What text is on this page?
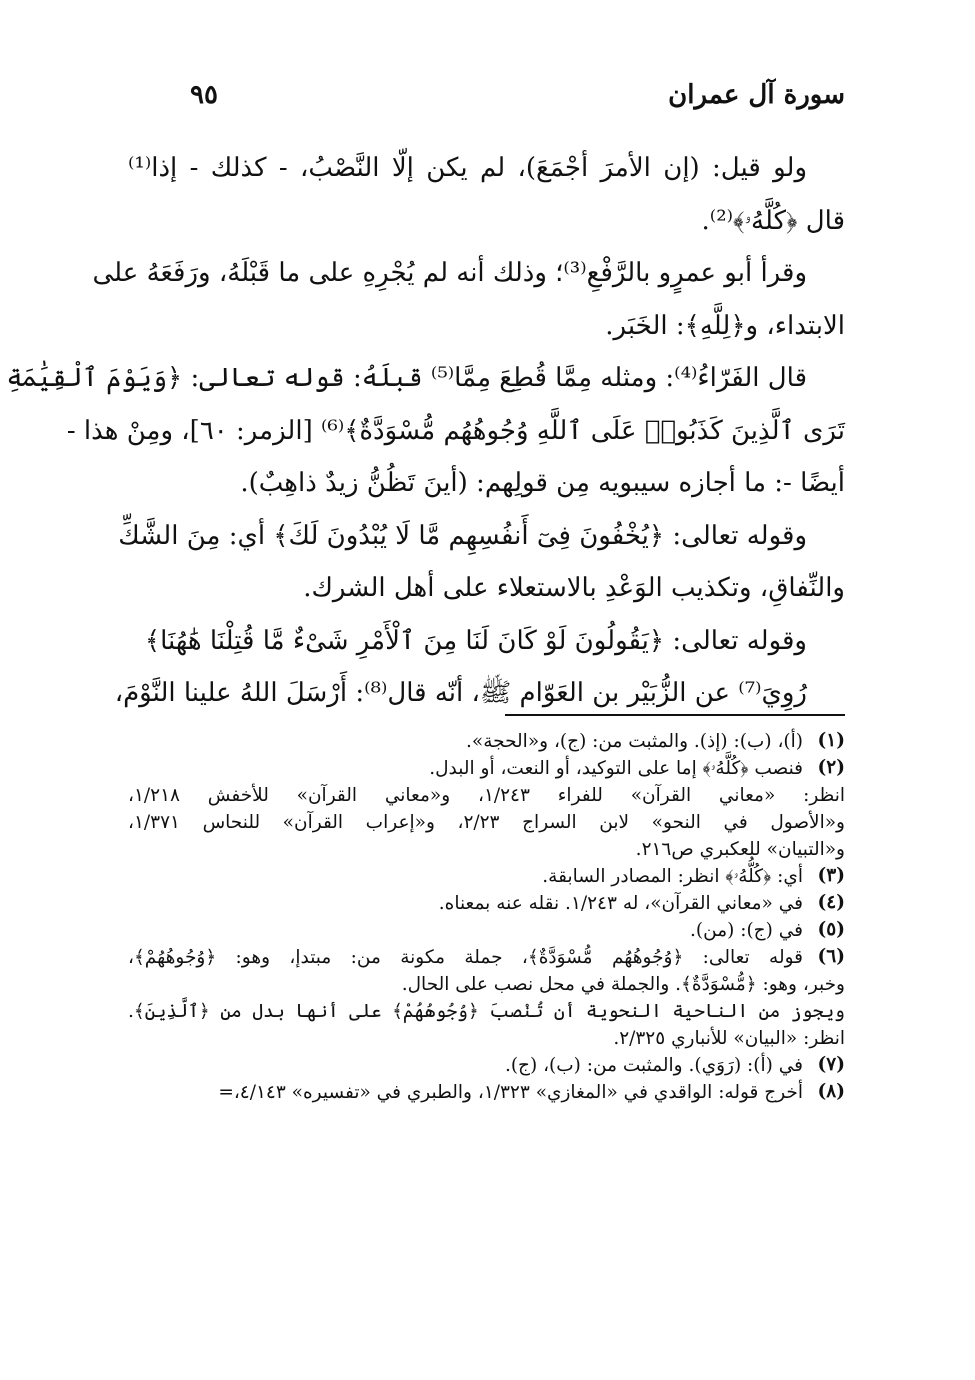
سورة آل عمران
٩٥
ولو قيل: (إن الأمرَ أجْمَعَ)، لم يكن إلّا النَّصْبُ، - كذلك - إذا⁽¹⁾
قال ﴿كُلَّهُۥ﴾⁽²⁾.
وقرأ أبو عمرٍو بالرَّفْعِ⁽³⁾؛ وذلك أنه لم يُجْرِهِ على ما قَبْلَهُ، ورَفَعَهُ على
الابتداء، و﴿لِلَّهِ﴾: الخَبَر.
قال الفَرّاءُ⁽⁴⁾: ومثله مِمَّا قُطِعَ مِمَّا⁽⁵⁾ قبلَهُ: قوله تعالى: ﴿وَيَوْمَ ٱلْقِيَٰمَةِ
تَرَى ٱلَّذِينَ كَذَبُوا۟ عَلَى ٱللَّهِ وُجُوهُهُم مُّسْوَدَّةٌ﴾⁽⁶⁾ [الزمر: ٦٠]، ومِنْ هذا -
أيضًا -: ما أجازه سيبويه مِن قولِهم: (أينَ تَظُنُّ زيدٌ ذاهِبٌ).
وقوله تعالى: ﴿يُخْفُونَ فِىٓ أَنفُسِهِم مَّا لَا يُبْدُونَ لَكَ﴾ أي: مِنَ الشَّكِّ
والنِّفاقِ، وتكذيب الوَعْدِ بالاستعلاء على أهل الشرك.
وقوله تعالى: ﴿يَقُولُونَ لَوْ كَانَ لَنَا مِنَ ٱلْأَمْرِ شَىْءٌ مَّا قُتِلْنَا هَٰهُنَا﴾
رُوِيَ⁽⁷⁾ عن الزُّبَيْر بن العَوّام ﷺ، أنّه قال⁽⁸⁾: أَرْسَلَ اللهُ علينا النَّوْمَ،
(١)
(أ)، (ب): (إذ). والمثبت من: (ج)، و«الحجة».
(٢)
فنصب ﴿كُلَّهُۥ﴾ إما على التوكيد، أو النعت، أو البدل.
انظر: «معاني القرآن» للفراء ١/٢٤٣، و«معاني القرآن» للأخفش ١/٢١٨،
و«الأصول في النحو» لابن السراج ٢/٢٣، و«إعراب القرآن» للنحاس ١/٣٧١،
و«التبيان» للعكبري ص٢١٦.
(٣)
أي: ﴿كُلُّهُۥ﴾ انظر: المصادر السابقة.
(٤)
في «معاني القرآن»، له ١/٢٤٣. نقله عنه بمعناه.
(٥)
في (ج): (من).
(٦)
قوله تعالى: ﴿وُجُوهُهُم مُّسْوَدَّةٌ﴾، جملة مكونة من: مبتدإ، وهو: ﴿وُجُوهُهُمْ﴾،
وخبر، وهو: ﴿مُّسْوَدَّةٌ﴾. والجملة في محل نصب على الحال.
ويجوز من الناحية النحوية أن تُنْصبَ ﴿وُجُوهُهُمْ﴾ على أنها بدل من ﴿ٱلَّذِينَ﴾.
انظر: «البيان» للأنباري ٢/٣٢٥.
(٧)
في (أ): (رَوَي). والمثبت من: (ب)، (ج).
(٨)
أخرج قوله: الواقدي في «المغازي» ١/٣٢٣، والطبري في «تفسيره» ٤/١٤٣،=
